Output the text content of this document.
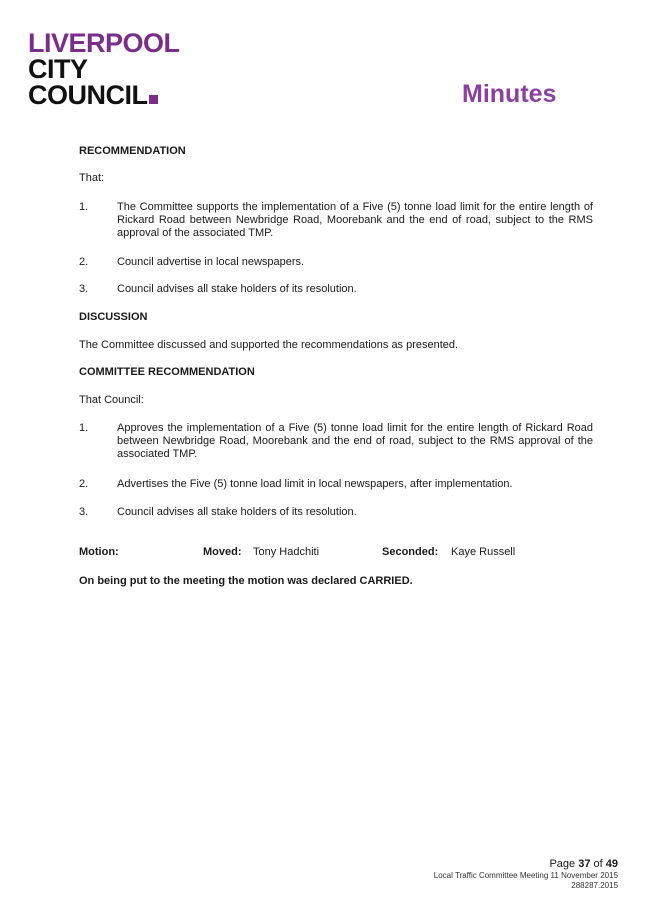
LIVERPOOL
CITY
COUNCIL	Minutes
RECOMMENDATION
That:
1.	The Committee supports the implementation of a Five (5) tonne load limit for the entire length of Rickard Road between Newbridge Road, Moorebank and the end of road, subject to the RMS approval of the associated TMP.
2.	Council advertise in local newspapers.
3.	Council advises all stake holders of its resolution.
DISCUSSION
The Committee discussed and supported the recommendations as presented.
COMMITTEE RECOMMENDATION
That Council:
1.	Approves the implementation of a Five (5) tonne load limit for the entire length of Rickard Road between Newbridge Road, Moorebank and the end of road, subject to the RMS approval of the associated TMP.
2.	Advertises the Five (5) tonne load limit in local newspapers, after implementation.
3.	Council advises all stake holders of its resolution.
Motion:	Moved: Tony Hadchiti	Seconded: Kaye Russell
On being put to the meeting the motion was declared CARRIED.
Page 37 of 49
Local Traffic Committee Meeting 11 November 2015
288287.2015
